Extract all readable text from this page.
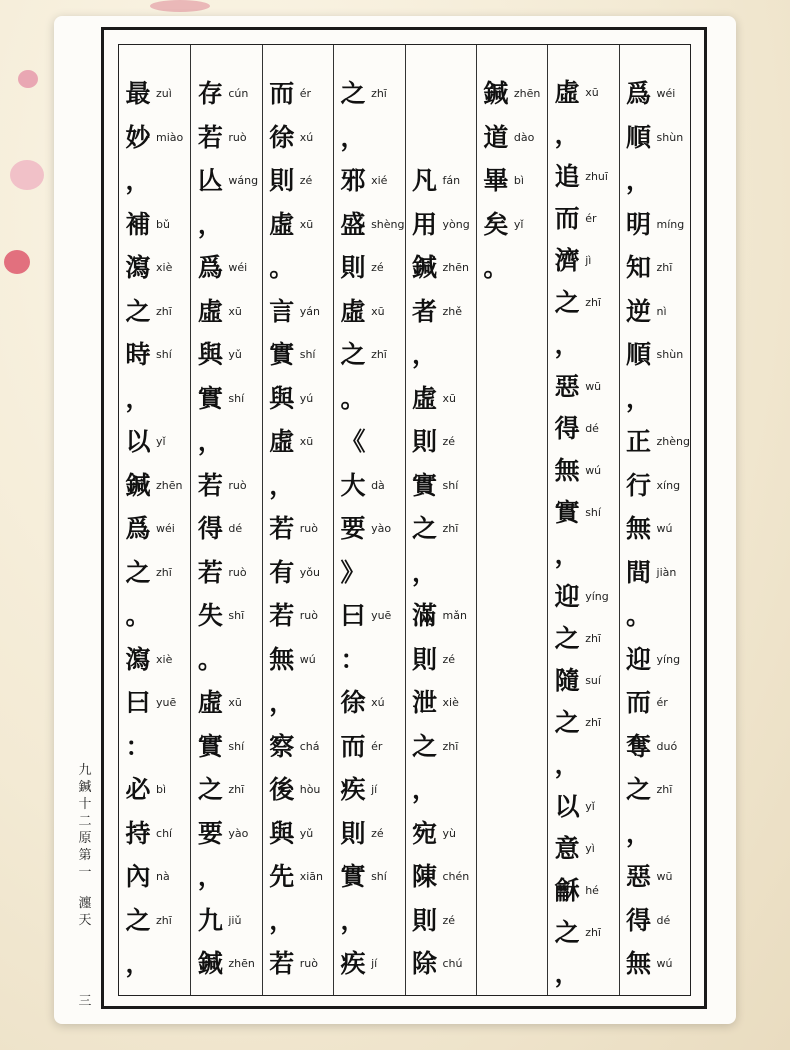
爲 wéi
順 shùn
，
明 míng
知 zhī
逆 nì
順 shùn
，
正 zhèng
行 xíng
無 wú
間 jiàn
。
迎 yíng
而 ér
奪 duó
之 zhī
，
惡 wū
得 dé
無 wú
虛 xū
，
追 zhuī
而 ér
濟 jì
之 zhī
，
惡 wū
得 dé
無 wú
實 shí
，
迎 yíng
之 zhī
隨 suí
之 zhī
，
以 yǐ
意 yì
龢 hé
之 zhī
，
鍼 zhēn
道 dào
畢 bì
矣 yǐ
。
凡 fán
用 yòng
鍼 zhēn
者 zhě
，
虛 xū
則 zé
實 shí
之 zhī
，
滿 mǎn
則 zé
泄 xiè
之 zhī
，
宛 yù
陳 chén
則 zé
除 chú
之 zhī
，
邪 xié
盛 shèng
則 zé
虛 xū
之 zhī
。
《
大 dà
要 yào
》
曰 yuē
：
徐 xú
而 ér
疾 jí
則 zé
實 shí
，
疾 jí
而 ér
徐 xú
則 zé
虛 xū
。
言 yán
實 shí
與 yú
虛 xū
，
若 ruò
有 yǒu
若 ruò
無 wú
，
察 chá
後 hòu
與 yǔ
先 xiān
，
若 ruò
存 cún
若 ruò
亾 wáng
，
爲 wéi
虛 xū
與 yǔ
實 shí
，
若 ruò
得 dé
若 ruò
失 shī
。
虛 xū
實 shí
之 zhī
要 yào
，
九 jiǔ
鍼 zhēn
最 zuì
妙 miào
，
補 bǔ
瀉 xiè
之 zhī
時 shí
，
以 yǐ
鍼 zhēn
爲 wéi
之 zhī
。
瀉 xiè
曰 yuē
：
必 bì
持 chí
內 nà
之 zhī
，
九
鍼
十
二
原
第
一
瀍
天
三
